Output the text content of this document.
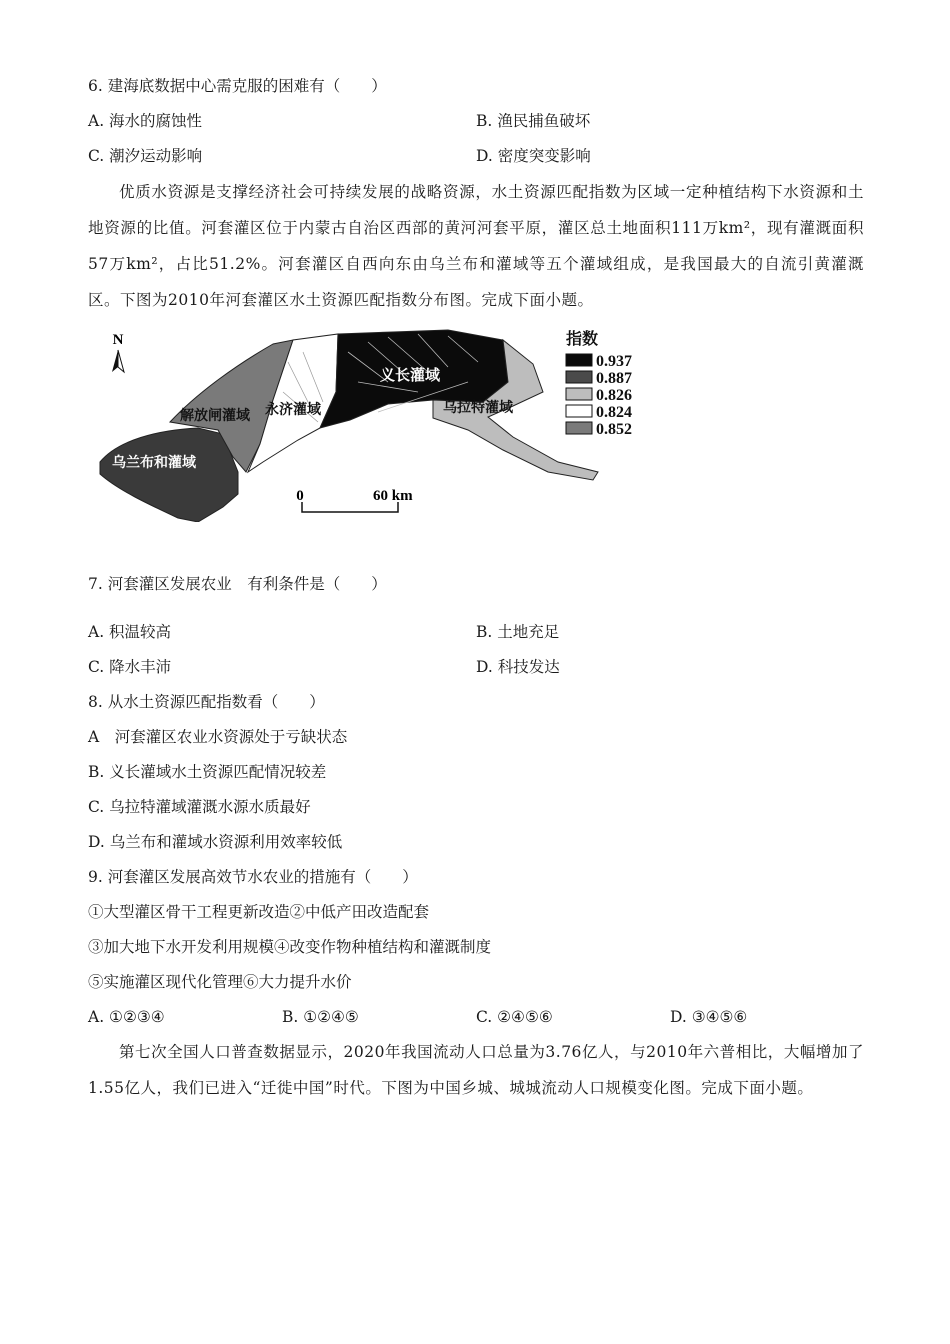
6. 建海底数据中心需克服的困难有（　　）
A. 海水的腐蚀性	B. 渔民捕鱼破坏
C. 潮汐运动影响	D. 密度突变影响
优质水资源是支撑经济社会可持续发展的战略资源，水土资源匹配指数为区域一定种植结构下水资源和土地资源的比值。河套灌区位于内蒙古自治区西部的黄河河套平原，灌区总土地面积111万km²，现有灌溉面积57万km²，占比51.2%。河套灌区自西向东由乌兰布和灌域等五个灌域组成，是我国最大的自流引黄灌溉区。下图为2010年河套灌区水土资源匹配指数分布图。完成下面小题。
N
义长灌域
永济灌域
解放闸灌域	乌拉特灌域
乌兰布和灌域
指数
0.937
0.887
0.826
0.824
0.852
0	60 km
7. 河套灌区发展农业　有利条件是（　　）
A. 积温较高	B. 土地充足
C. 降水丰沛	D. 科技发达
8. 从水土资源匹配指数看（　　）
A　河套灌区农业水资源处于亏缺状态
B. 义长灌域水土资源匹配情况较差
C. 乌拉特灌域灌溉水源水质最好
D. 乌兰布和灌域水资源利用效率较低
9. 河套灌区发展高效节水农业的措施有（　　）
①大型灌区骨干工程更新改造②中低产田改造配套
③加大地下水开发利用规模④改变作物种植结构和灌溉制度
⑤实施灌区现代化管理⑥大力提升水价
A. ①②③④	B. ①②④⑤	C. ②④⑤⑥	D. ③④⑤⑥
第七次全国人口普查数据显示，2020年我国流动人口总量为3.76亿人，与2010年六普相比，大幅增加了1.55亿人，我们已进入“迁徙中国”时代。下图为中国乡城、城城流动人口规模变化图。完成下面小题。
